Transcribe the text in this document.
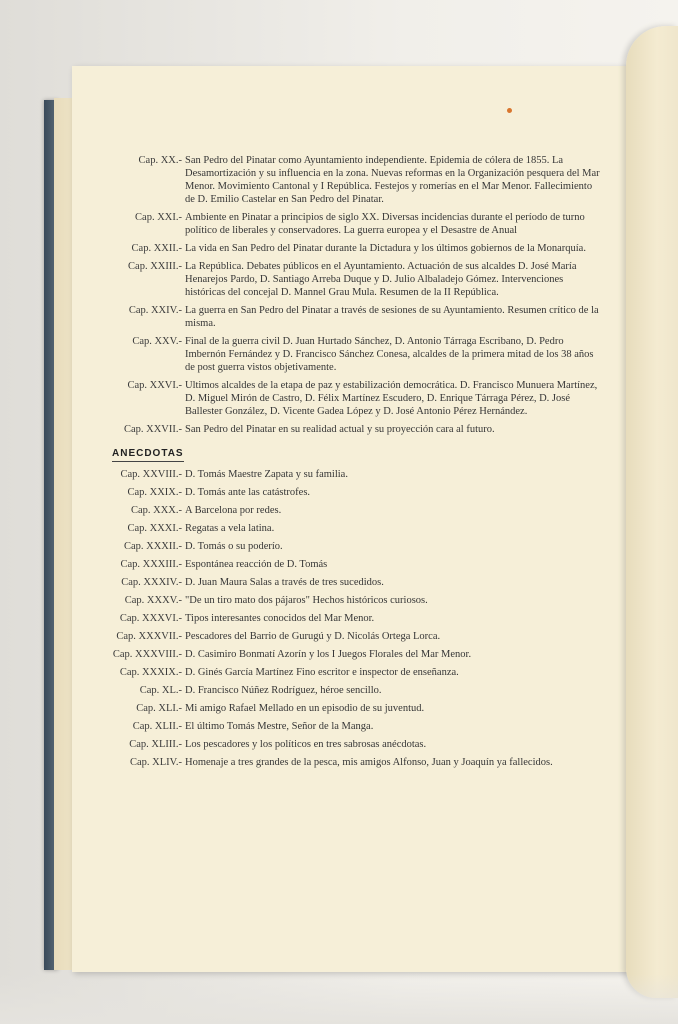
Cap. XX.- San Pedro del Pinatar como Ayuntamiento independiente. Epidemia de cólera de 1855. La Desamortización y su influencia en la zona. Nuevas reformas en la Organización pesquera del Mar Menor. Movimiento Cantonal y I República. Festejos y romerías en el Mar Menor. Fallecimiento de D. Emilio Castelar en San Pedro del Pinatar.
Cap. XXI.- Ambiente en Pinatar a principios de siglo XX. Diversas incidencias durante el período de turno político de liberales y conservadores. La guerra europea y el Desastre de Anual
Cap. XXII.- La vida en San Pedro del Pinatar durante la Dictadura y los últimos gobiernos de la Monarquía.
Cap. XXIII.- La República. Debates públicos en el Ayuntamiento. Actuación de sus alcaldes D. José María Henarejos Pardo, D. Santiago Arreba Duque y D. Julio Albaladejo Gómez. Intervenciones históricas del concejal D. Mannel Grau Mula. Resumen de la II República.
Cap. XXIV.- La guerra en San Pedro del Pinatar a través de sesiones de su Ayuntamiento. Resumen crítico de la misma.
Cap. XXV.- Final de la guerra civil D. Juan Hurtado Sánchez, D. Antonio Tárraga Escribano, D. Pedro Imbernón Fernández y D. Francisco Sánchez Conesa, alcaldes de la primera mitad de los 38 años de post guerra vistos objetivamente.
Cap. XXVI.- Ultimos alcaldes de la etapa de paz y estabilización democrática. D. Francisco Munuera Martínez, D. Miguel Mirón de Castro, D. Félix Martínez Escudero, D. Enrique Tárraga Pérez, D. José Ballester González, D. Vicente Gadea López y D. José Antonio Pérez Hernández.
Cap. XXVII.- San Pedro del Pinatar en su realidad actual y su proyección cara al futuro.
ANECDOTAS
Cap. XXVIII.- D. Tomás Maestre Zapata y su familia.
Cap. XXIX.- D. Tomás ante las catástrofes.
Cap. XXX.- A Barcelona por redes.
Cap. XXXI.- Regatas a vela latina.
Cap. XXXII.- D. Tomás o su poderío.
Cap. XXXIII.- Espontánea reacción de D. Tomás
Cap. XXXIV.- D. Juan Maura Salas a través de tres sucedidos.
Cap. XXXV.- "De un tiro mato dos pájaros" Hechos históricos curiosos.
Cap. XXXVI.- Tipos interesantes conocidos del Mar Menor.
Cap. XXXVII.- Pescadores del Barrio de Gurugú y D. Nicolás Ortega Lorca.
Cap. XXXVIII.- D. Casimiro Bonmatí Azorín y los I Juegos Florales del Mar Menor.
Cap. XXXIX.- D. Ginés García Martínez Fino escritor e inspector de enseñanza.
Cap. XL.- D. Francisco Núñez Rodríguez, héroe sencillo.
Cap. XLI.- Mi amigo Rafael Mellado en un episodio de su juventud.
Cap. XLII.- El último Tomás Mestre, Señor de la Manga.
Cap. XLIII.- Los pescadores y los políticos en tres sabrosas anécdotas.
Cap. XLIV.- Homenaje a tres grandes de la pesca, mis amigos Alfonso, Juan y Joaquín ya fallecidos.
